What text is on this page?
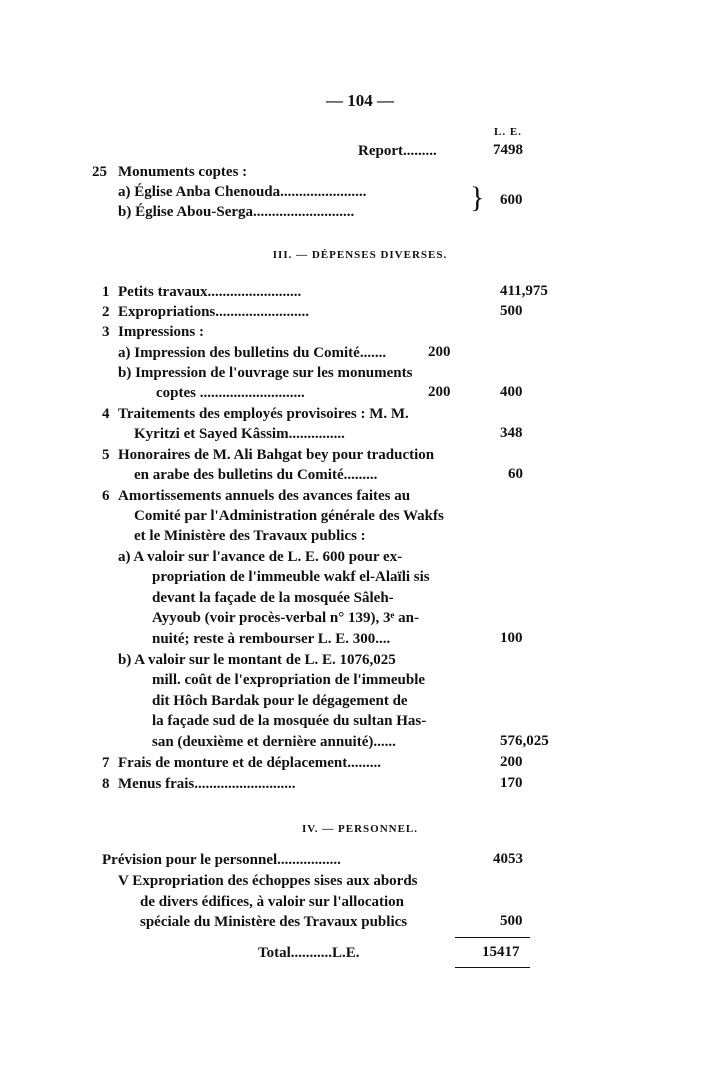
— 104 —
L. E.
Report.........	7498
25 Monuments coptes :
a) Église Anba Chenouda.......................
b) Église Abou-Serga...........................	} 600
III. — DÉPENSES DIVERSES.
1 Petits travaux.........................	411,975
2 Expropriations.........................	500
3 Impressions :
a) Impression des bulletins du Comité.......	200
b) Impression de l'ouvrage sur les monuments
coptes ............................	200	400
4 Traitements des employés provisoires : M. M.
Kyritzi et Sayed Kâssim...............	348
5 Honoraires de M. Ali Bahgat bey pour traduction
en arabe des bulletins du Comité.........	60
6 Amortissements annuels des avances faites au
Comité par l'Administration générale des Wakfs
et le Ministère des Travaux publics :
a) A valoir sur l'avance de L. E. 600 pour ex-
propriation de l'immeuble wakf el-Alaïli sis
devant la façade de la mosquée Sâleh-
Ayyoub (voir procès-verbal n° 139), 3ᵉ an-
nuité; reste à rembourser L. E. 300....	100
b) A valoir sur le montant de L. E. 1076,025
mill. coût de l'expropriation de l'immeuble
dit Hôch Bardak pour le dégagement de
la façade sud de la mosquée du sultan Has-
san (deuxième et dernière annuité)......	576,025
7 Frais de monture et de déplacement.........	200
8 Menus frais...........................	170
IV. — PERSONNEL.
Prévision pour le personnel.................	4053
V Expropriation des échoppes sises aux abords
de divers édifices, à valoir sur l'allocation
spéciale du Ministère des Travaux publics	500
Total...........L.E.	15417
